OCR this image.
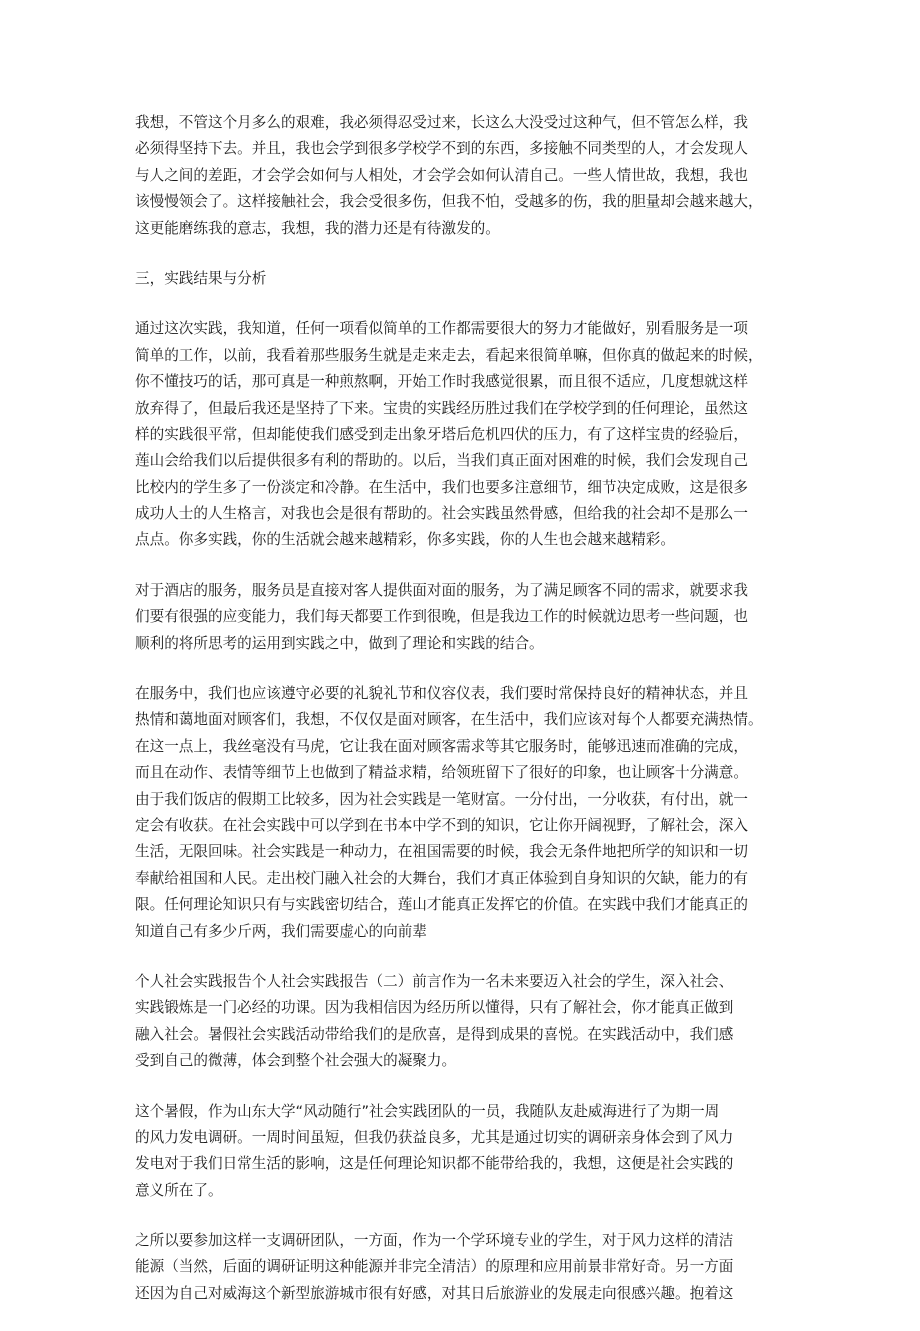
我想，不管这个月多么的艰难，我必须得忍受过来，长这么大没受过这种气，但不管怎么样，我
必须得坚持下去。并且，我也会学到很多学校学不到的东西，多接触不同类型的人，才会发现人
与人之间的差距，才会学会如何与人相处，才会学会如何认清自己。一些人情世故，我想，我也
该慢慢领会了。这样接触社会，我会受很多伤，但我不怕，受越多的伤，我的胆量却会越来越大，
这更能磨练我的意志，我想，我的潜力还是有待激发的。

三，实践结果与分析

通过这次实践，我知道，任何一项看似简单的工作都需要很大的努力才能做好，别看服务是一项
简单的工作，以前，我看着那些服务生就是走来走去，看起来很简单嘛，但你真的做起来的时候，
你不懂技巧的话，那可真是一种煎熬啊，开始工作时我感觉很累，而且很不适应，几度想就这样
放弃得了，但最后我还是坚持了下来。宝贵的实践经历胜过我们在学校学到的任何理论，虽然这
样的实践很平常，但却能使我们感受到走出象牙塔后危机四伏的压力，有了这样宝贵的经验后，
莲山会给我们以后提供很多有利的帮助的。以后，当我们真正面对困难的时候，我们会发现自己
比校内的学生多了一份淡定和冷静。在生活中，我们也要多注意细节，细节决定成败，这是很多
成功人士的人生格言，对我也会是很有帮助的。社会实践虽然骨感，但给我的社会却不是那么一
点点。你多实践，你的生活就会越来越精彩，你多实践，你的人生也会越来越精彩。

对于酒店的服务，服务员是直接对客人提供面对面的服务，为了满足顾客不同的需求，就要求我
们要有很强的应变能力，我们每天都要工作到很晚，但是我边工作的时候就边思考一些问题，也
顺利的将所思考的运用到实践之中，做到了理论和实践的结合。

在服务中，我们也应该遵守必要的礼貌礼节和仪容仪表，我们要时常保持良好的精神状态，并且
热情和蔼地面对顾客们，我想，不仅仅是面对顾客，在生活中，我们应该对每个人都要充满热情。
在这一点上，我丝毫没有马虎，它让我在面对顾客需求等其它服务时，能够迅速而准确的完成，
而且在动作、表情等细节上也做到了精益求精，给领班留下了很好的印象，也让顾客十分满意。
由于我们饭店的假期工比较多，因为社会实践是一笔财富。一分付出，一分收获，有付出，就一
定会有收获。在社会实践中可以学到在书本中学不到的知识，它让你开阔视野，了解社会，深入
生活，无限回味。社会实践是一种动力，在祖国需要的时候，我会无条件地把所学的知识和一切
奉献给祖国和人民。走出校门融入社会的大舞台，我们才真正体验到自身知识的欠缺，能力的有
限。任何理论知识只有与实践密切结合，莲山才能真正发挥它的价值。在实践中我们才能真正的
知道自己有多少斤两，我们需要虚心的向前辈

个人社会实践报告个人社会实践报告（二）前言作为一名未来要迈入社会的学生，深入社会、
实践锻炼是一门必经的功课。因为我相信因为经历所以懂得，只有了解社会，你才能真正做到
融入社会。暑假社会实践活动带给我们的是欣喜，是得到成果的喜悦。在实践活动中，我们感
受到自己的微薄，体会到整个社会强大的凝聚力。

这个暑假，作为山东大学“风动随行”社会实践团队的一员，我随队友赴威海进行了为期一周
的风力发电调研。一周时间虽短，但我仍获益良多，尤其是通过切实的调研亲身体会到了风力
发电对于我们日常生活的影响，这是任何理论知识都不能带给我的，我想，这便是社会实践的
意义所在了。

之所以要参加这样一支调研团队，一方面，作为一个学环境专业的学生，对于风力这样的清洁
能源（当然，后面的调研证明这种能源并非完全清洁）的原理和应用前景非常好奇。另一方面
还因为自己对威海这个新型旅游城市很有好感，对其日后旅游业的发展走向很感兴趣。抱着这
